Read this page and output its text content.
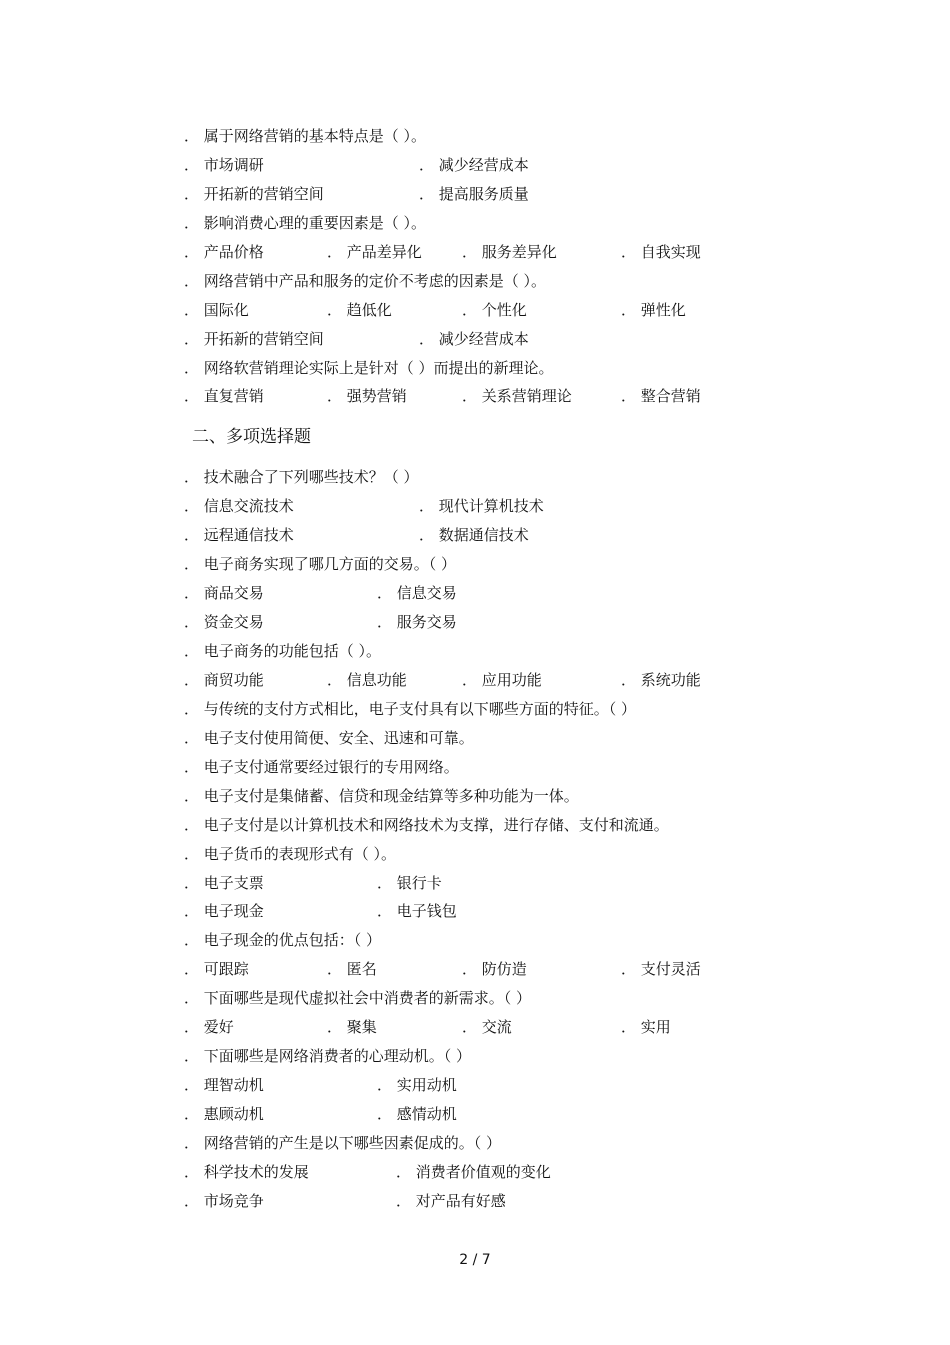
． 属于网络营销的基本特点是（ ）。
． 市场调研	． 减少经营成本
． 开拓新的营销空间	． 提高服务质量
． 影响消费心理的重要因素是（ ）。
． 产品价格	． 产品差异化	． 服务差异化	． 自我实现
． 网络营销中产品和服务的定价不考虑的因素是（ ）。
． 国际化	． 趋低化	． 个性化	． 弹性化
． 开拓新的营销空间	． 减少经营成本
． 网络软营销理论实际上是针对（ ）而提出的新理论。
． 直复营销	． 强势营销	． 关系营销理论	． 整合营销
二、多项选择题
． 技术融合了下列哪些技术？（ ）
． 信息交流技术	． 现代计算机技术
． 远程通信技术	． 数据通信技术
． 电子商务实现了哪几方面的交易。（ ）
． 商品交易	． 信息交易
． 资金交易	． 服务交易
． 电子商务的功能包括（ ）。
． 商贸功能	． 信息功能	． 应用功能	． 系统功能
． 与传统的支付方式相比，电子支付具有以下哪些方面的特征。（ ）
． 电子支付使用简便、安全、迅速和可靠。
． 电子支付通常要经过银行的专用网络。
． 电子支付是集储蓄、信贷和现金结算等多种功能为一体。
． 电子支付是以计算机技术和网络技术为支撑，进行存储、支付和流通。
． 电子货币的表现形式有（ ）。
． 电子支票	． 银行卡
． 电子现金	． 电子钱包
． 电子现金的优点包括：（ ）
． 可跟踪	． 匿名	． 防仿造	． 支付灵活
． 下面哪些是现代虚拟社会中消费者的新需求。（ ）
． 爱好	． 聚集	． 交流	． 实用
． 下面哪些是网络消费者的心理动机。（ ）
． 理智动机	． 实用动机
． 惠顾动机	． 感情动机
． 网络营销的产生是以下哪些因素促成的。（ ）
． 科学技术的发展	． 消费者价值观的变化
． 市场竞争	． 对产品有好感
2 / 7
